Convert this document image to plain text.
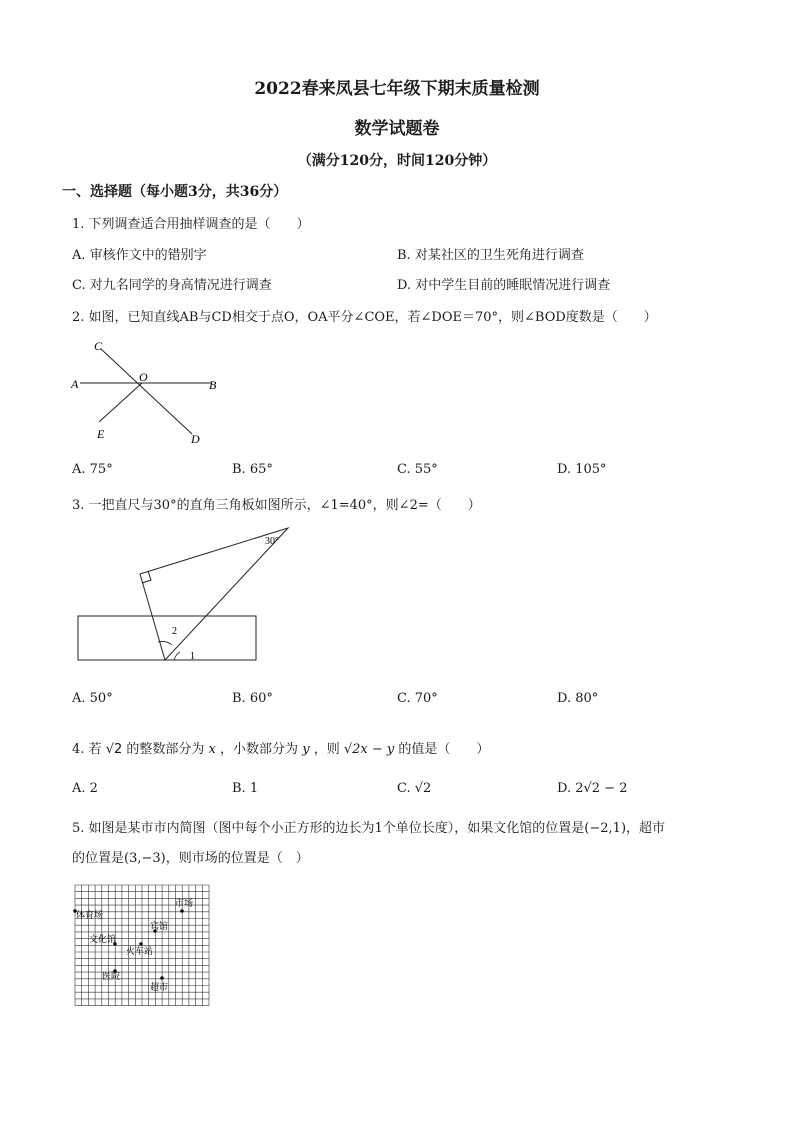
2022春来凤县七年级下期末质量检测
数学试题卷
（满分120分，时间120分钟）
一、选择题（每小题3分，共36分）
1. 下列调查适合用抽样调查的是（　　）
A. 审核作文中的错别字	B. 对某社区的卫生死角进行调查
C. 对九名同学的身高情况进行调查	D. 对中学生目前的睡眠情况进行调查
2. 如图，已知直线AB与CD相交于点O，OA平分∠COE，若∠DOE＝70°，则∠BOD度数是（　　）
C
O
A	B
E	D
A. 75°	B. 65°	C. 55°	D. 105°
3. 一把直尺与30°的直角三角板如图所示，∠1=40°，则∠2=（　　）
30°
2
1
A. 50°	B. 60°	C. 70°	D. 80°
4. 若 √2 的整数部分为 x ，小数部分为 y ，则 √2x − y 的值是（　　）
A. 2	B. 1	C. √2	D. 2√2 − 2
5. 如图是某市市内简图（图中每个小正方形的边长为1个单位长度），如果文化馆的位置是(−2,1)，超市
的位置是(3,−3)，则市场的位置是（　）
市场
体育场
宾馆
文化馆
火车站
医院
超市
